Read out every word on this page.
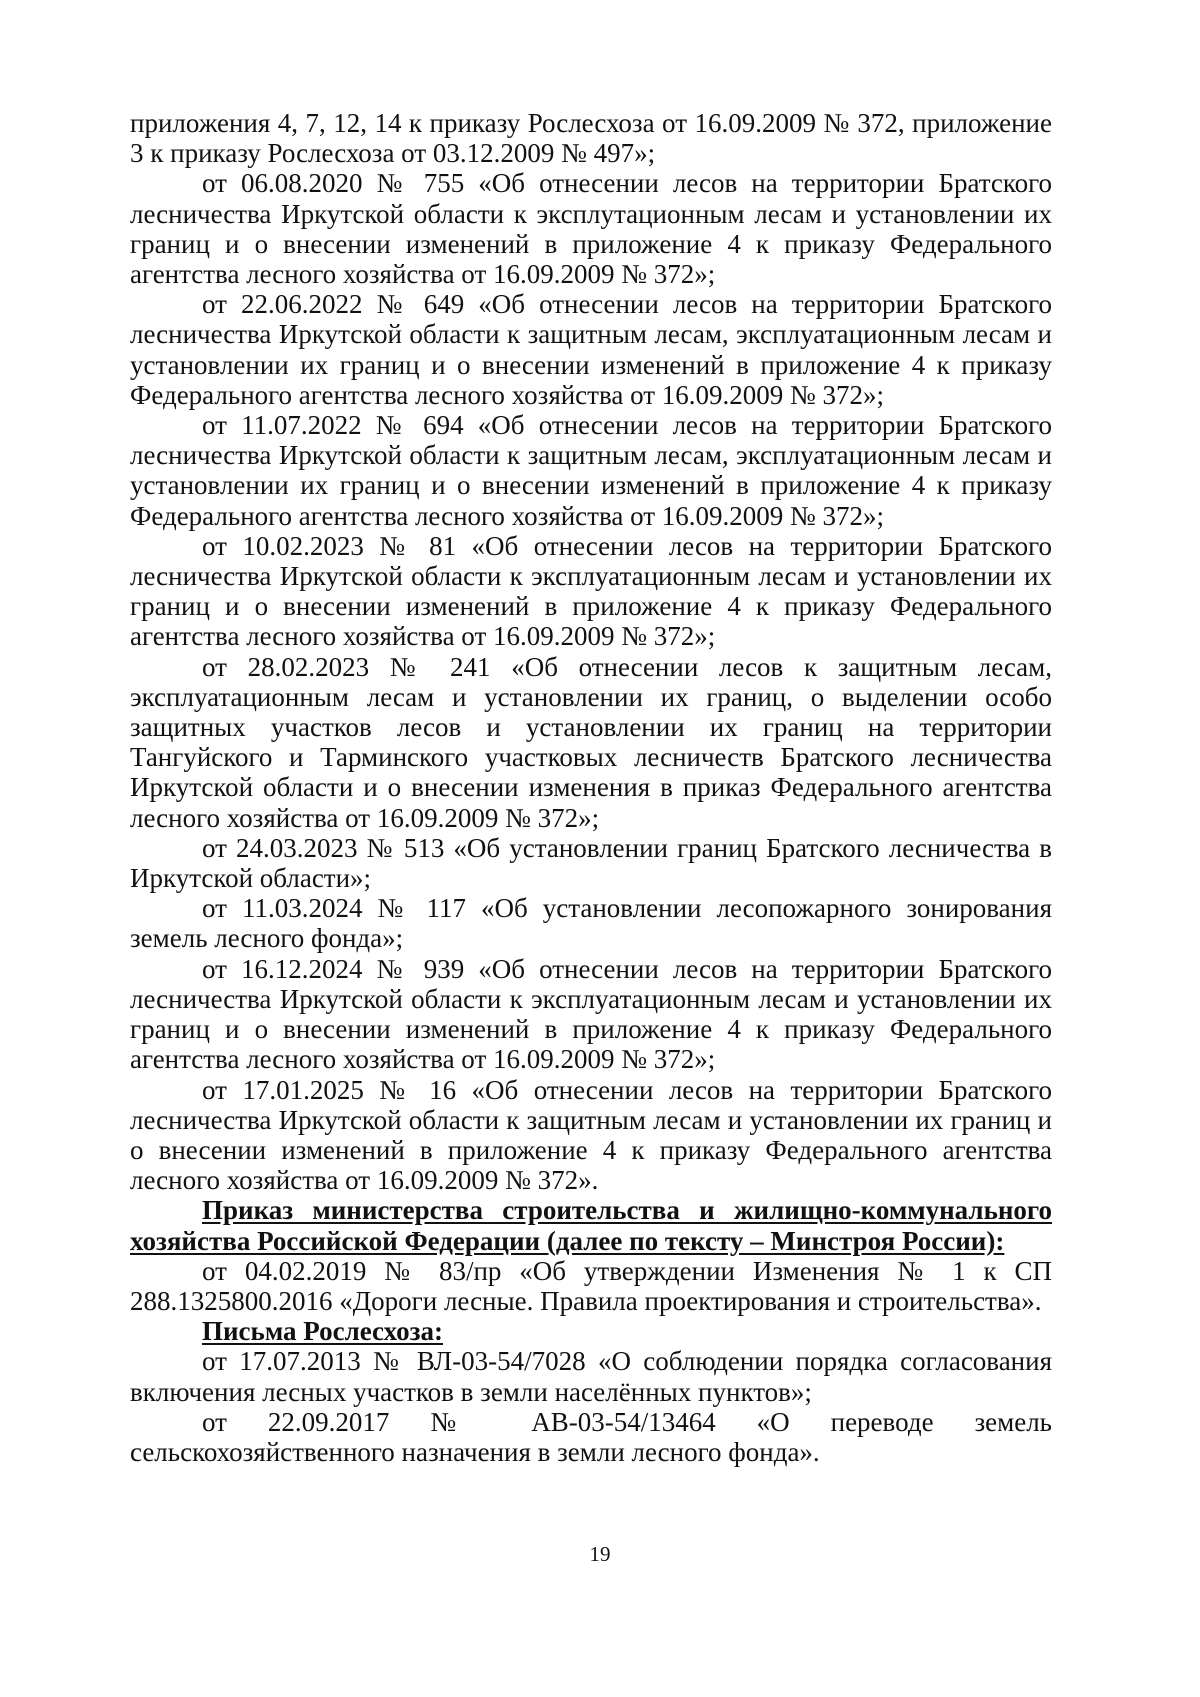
приложения 4, 7, 12, 14 к приказу Рослесхоза от 16.09.2009 № 372, приложение 3 к приказу Рослесхоза от 03.12.2009 № 497»;

от 06.08.2020 № 755 «Об отнесении лесов на территории Братского лесничества Иркутской области к эксплутационным лесам и установлении их границ и о внесении изменений в приложение 4 к приказу Федерального агентства лесного хозяйства от 16.09.2009 № 372»;

от 22.06.2022 № 649 «Об отнесении лесов на территории Братского лесничества Иркутской области к защитным лесам, эксплуатационным лесам и установлении их границ и о внесении изменений в приложение 4 к приказу Федерального агентства лесного хозяйства от 16.09.2009 № 372»;

от 11.07.2022 № 694 «Об отнесении лесов на территории Братского лесничества Иркутской области к защитным лесам, эксплуатационным лесам и установлении их границ и о внесении изменений в приложение 4 к приказу Федерального агентства лесного хозяйства от 16.09.2009 № 372»;

от 10.02.2023 № 81 «Об отнесении лесов на территории Братского лесничества Иркутской области к эксплуатационным лесам и установлении их границ и о внесении изменений в приложение 4 к приказу Федерального агентства лесного хозяйства от 16.09.2009 № 372»;

от 28.02.2023 № 241 «Об отнесении лесов к защитным лесам, эксплуатационным лесам и установлении их границ, о выделении особо защитных участков лесов и установлении их границ на территории Тангуйского и Тарминского участковых лесничеств Братского лесничества Иркутской области и о внесении изменения в приказ Федерального агентства лесного хозяйства от 16.09.2009 № 372»;

от 24.03.2023 № 513 «Об установлении границ Братского лесничества в Иркутской области»;

от 11.03.2024 № 117 «Об установлении лесопожарного зонирования земель лесного фонда»;

от 16.12.2024 № 939 «Об отнесении лесов на территории Братского лесничества Иркутской области к эксплуатационным лесам и установлении их границ и о внесении изменений в приложение 4 к приказу Федерального агентства лесного хозяйства от 16.09.2009 № 372»;

от 17.01.2025 № 16 «Об отнесении лесов на территории Братского лесничества Иркутской области к защитным лесам и установлении их границ и о внесении изменений в приложение 4 к приказу Федерального агентства лесного хозяйства от 16.09.2009 № 372».

Приказ министерства строительства и жилищно-коммунального хозяйства Российской Федерации (далее по тексту – Минстроя России):

от 04.02.2019 № 83/пр «Об утверждении Изменения № 1 к СП 288.1325800.2016 «Дороги лесные. Правила проектирования и строительства».

Письма Рослесхоза:

от 17.07.2013 № ВЛ-03-54/7028 «О соблюдении порядка согласования включения лесных участков в земли населённых пунктов»;

от 22.09.2017 № АВ-03-54/13464 «О переводе земель сельскохозяйственного назначения в земли лесного фонда».

19
